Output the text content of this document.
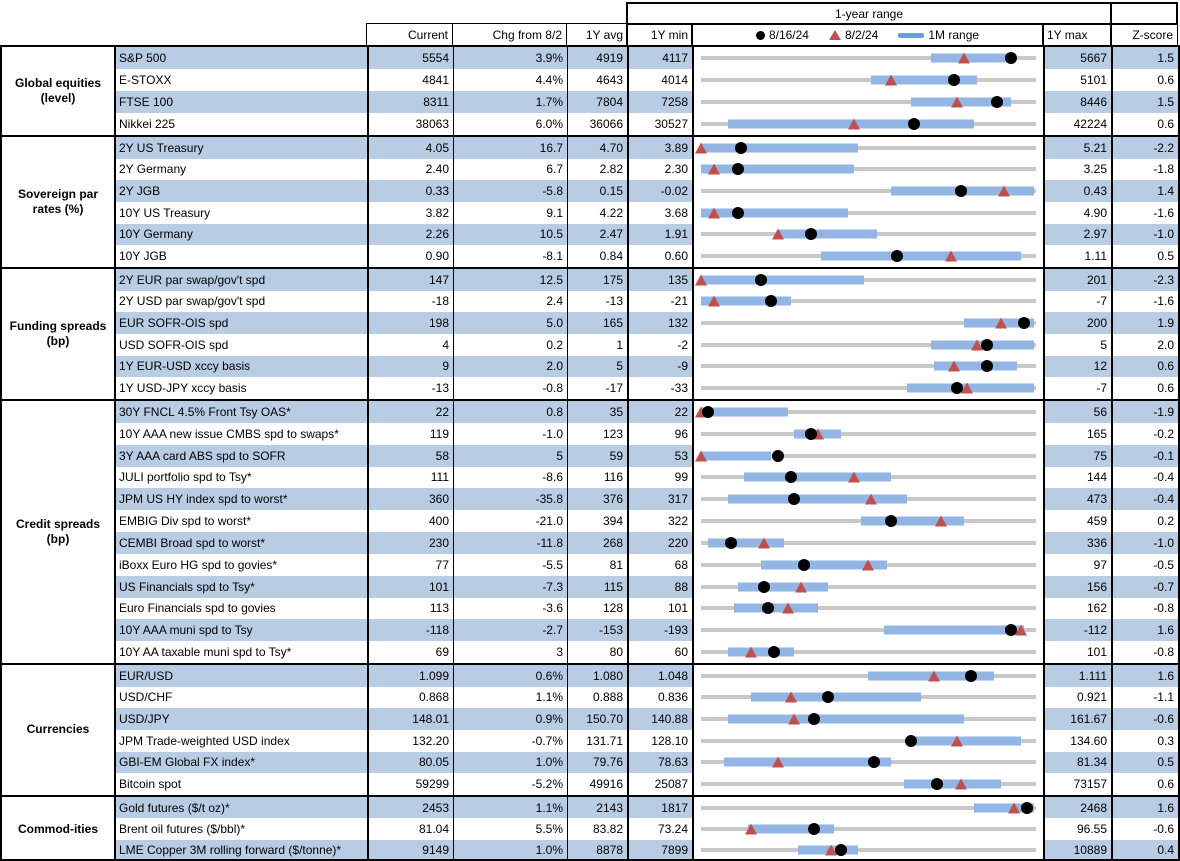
1-year range
Current	Chg from 8/2	1Y avg	1Y min	8/16/24	8/2/24	1M range	1Y max	Z-score
Global equities (level)
S&P 500	5554	3.9%	4919	4117	5667	1.5
E-STOXX	4841	4.4%	4643	4014	5101	0.6
FTSE 100	8311	1.7%	7804	7258	8446	1.5
Nikkei 225	38063	6.0%	36066	30527	42224	0.6
Sovereign par rates (%)
2Y US Treasury	4.05	16.7	4.70	3.89	5.21	-2.2
2Y Germany	2.40	6.7	2.82	2.30	3.25	-1.8
2Y JGB	0.33	-5.8	0.15	-0.02	0.43	1.4
10Y US Treasury	3.82	9.1	4.22	3.68	4.90	-1.6
10Y Germany	2.26	10.5	2.47	1.91	2.97	-1.0
10Y JGB	0.90	-8.1	0.84	0.60	1.11	0.5
Funding spreads (bp)
2Y EUR par swap/gov't spd	147	12.5	175	135	201	-2.3
2Y USD par swap/gov't spd	-18	2.4	-13	-21	-7	-1.6
EUR SOFR-OIS spd	198	5.0	165	132	200	1.9
USD SOFR-OIS spd	4	0.2	1	-2	5	2.0
1Y EUR-USD xccy basis	9	2.0	5	-9	12	0.6
1Y USD-JPY xccy basis	-13	-0.8	-17	-33	-7	0.6
Credit spreads (bp)
30Y FNCL 4.5% Front Tsy OAS*	22	0.8	35	22	56	-1.9
10Y AAA new issue CMBS spd to swaps*	119	-1.0	123	96	165	-0.2
3Y AAA card ABS spd to SOFR	58	5	59	53	75	-0.1
JULI portfolio spd to Tsy*	111	-8.6	116	99	144	-0.4
JPM US HY index spd to worst*	360	-35.8	376	317	473	-0.4
EMBIG Div spd to worst*	400	-21.0	394	322	459	0.2
CEMBI Broad spd to worst*	230	-11.8	268	220	336	-1.0
iBoxx Euro HG spd to govies*	77	-5.5	81	68	97	-0.5
US Financials spd to Tsy*	101	-7.3	115	88	156	-0.7
Euro Financials spd to govies	113	-3.6	128	101	162	-0.8
10Y AAA muni spd to Tsy	-118	-2.7	-153	-193	-112	1.6
10Y AA taxable muni spd to Tsy*	69	3	80	60	101	-0.8
Currencies
EUR/USD	1.099	0.6%	1.080	1.048	1.111	1.6
USD/CHF	0.868	1.1%	0.888	0.836	0.921	-1.1
USD/JPY	148.01	0.9%	150.70	140.88	161.67	-0.6
JPM Trade-weighted USD index	132.20	-0.7%	131.71	128.10	134.60	0.3
GBI-EM Global FX index*	80.05	1.0%	79.76	78.63	81.34	0.5
Bitcoin spot	59299	-5.2%	49916	25087	73157	0.6
Commod-ities
Gold futures ($/t oz)*	2453	1.1%	2143	1817	2468	1.6
Brent oil futures ($/bbl)*	81.04	5.5%	83.82	73.24	96.55	-0.6
LME Copper 3M rolling forward ($/tonne)*	9149	1.0%	8878	7899	10889	0.4
